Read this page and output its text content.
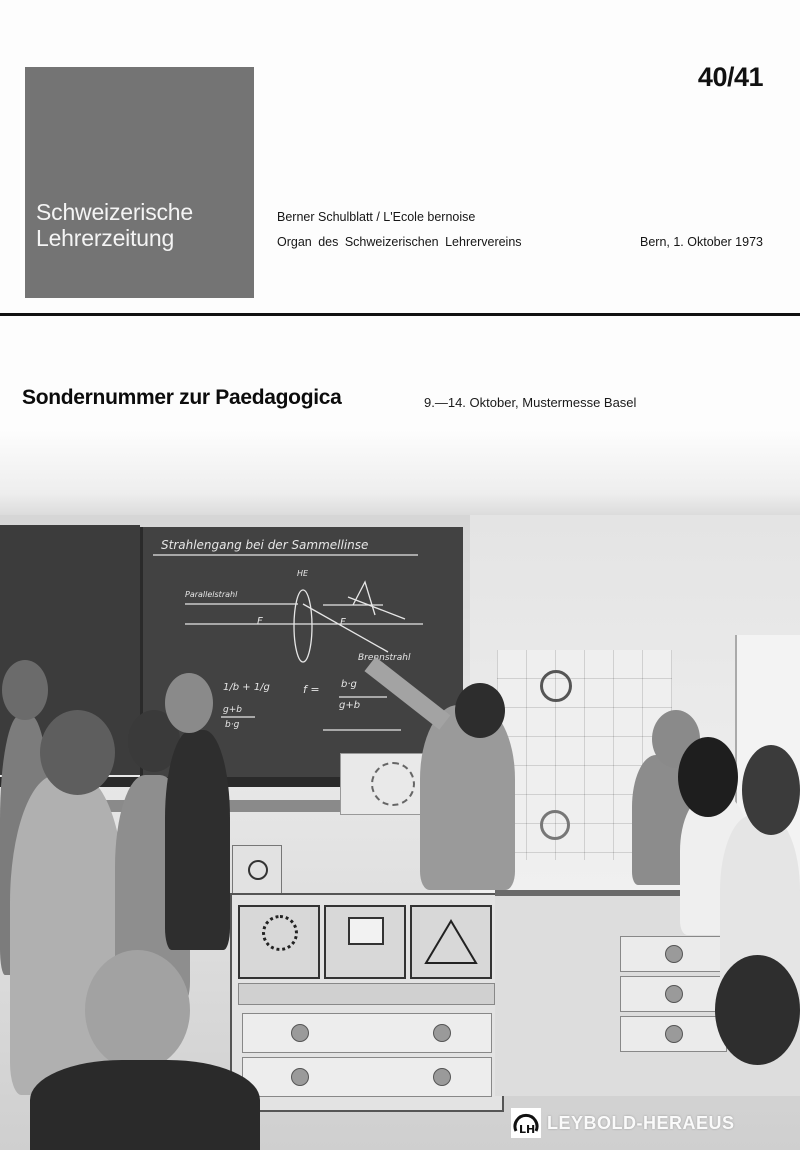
Schweizerische
Lehrerzeitung
40/41
Berner Schulblatt / L'Ecole bernoise
Organ des Schweizerischen Lehrervereins	Bern, 1. Oktober 1973
Sondernummer zur Paedagogica	9.—14. Oktober, Mustermesse Basel
Strahlengang bei der Sammellinse
Parallelstrahl
HE
Brennstrahl
F	F
1/b + 1/g
g+b
b·g
f = b·g
g+b
LH LEYBOLD-HERAEUS
